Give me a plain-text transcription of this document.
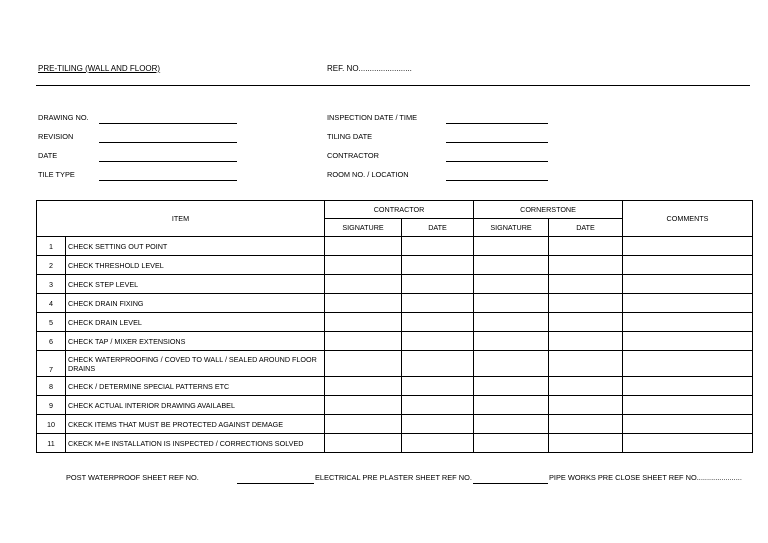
PRE-TILING (WALL AND FLOOR)	REF. NO........................
DRAWING NO.
REVISION
DATE
TILE TYPE
INSPECTION DATE / TIME
TILING DATE
CONTRACTOR
ROOM NO. / LOCATION
ITEM		CONTRACTOR		CORNERSTONE		COMMENTS
		SIGNATURE	DATE	SIGNATURE	DATE	
1	CHECK SETTING OUT POINT					
2	CHECK THRESHOLD LEVEL					
3	CHECK STEP LEVEL					
4	CHECK DRAIN FIXING					
5	CHECK DRAIN LEVEL					
6	CHECK TAP / MIXER EXTENSIONS					
7	CHECK WATERPROOFING / COVED TO WALL / SEALED AROUND FLOOR DRAINS					
8	CHECK / DETERMINE SPECIAL PATTERNS ETC					
9	CHECK ACTUAL INTERIOR DRAWING AVAILABEL					
10	CKECK ITEMS THAT MUST BE PROTECTED AGAINST DEMAGE					
11	CKECK M+E INSTALLATION IS INSPECTED / CORRECTIONS SOLVED					
POST WATERPROOF SHEET REF NO.	ELECTRICAL PRE PLASTER SHEET REF NO.	PIPE WORKS PRE CLOSE SHEET REF NO......................
